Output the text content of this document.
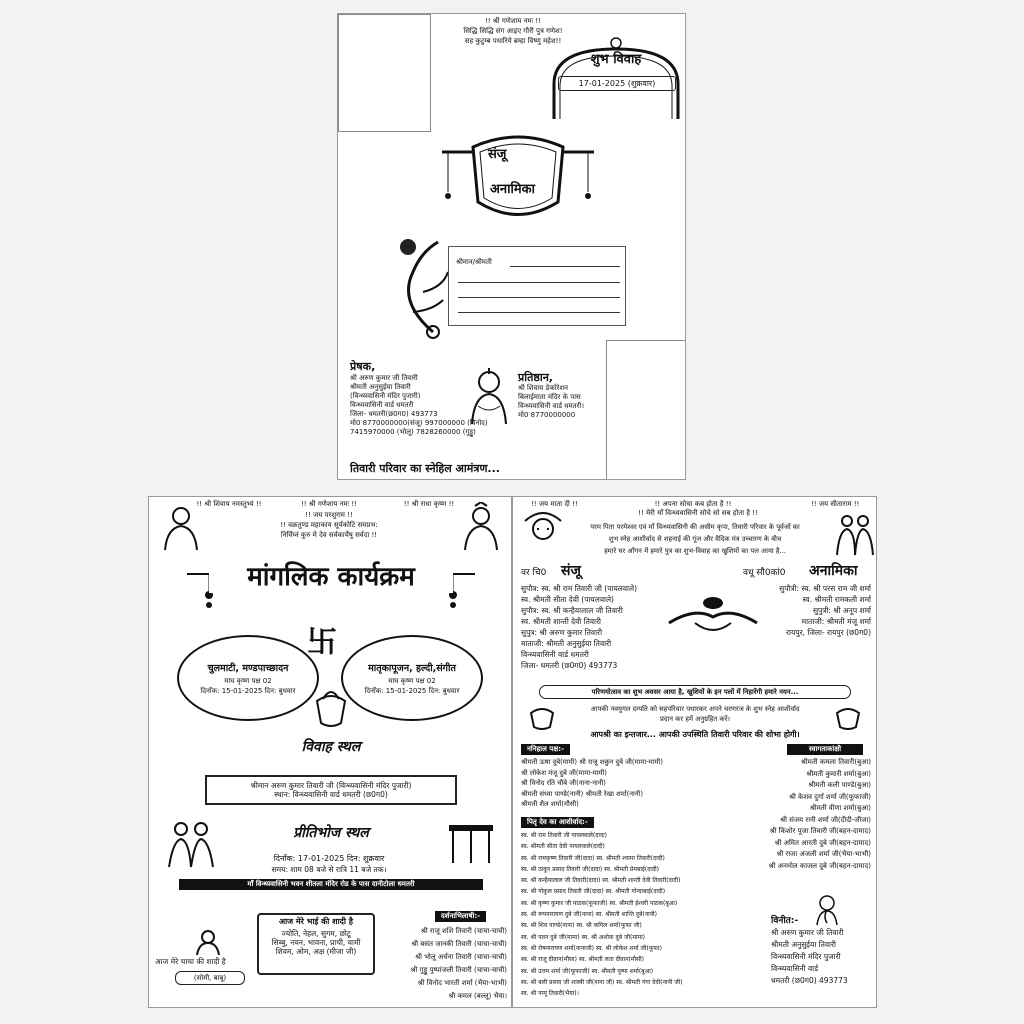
!! श्री गणेशाय नमः !!
सिद्धि सिद्धि संग आइए गौरी पुत्र गणेश!
सह कुटुम्ब पधारिये ब्रम्हा विष्णु महेश!!
शुभ विवाह
17-01-2025 (शुक्रवार)
संजू
अनामिका
श्रीमान/श्रीमती
प्रेषक,
श्री अरुण कुमार जी तिवारी
श्रीमती अनुसुईया तिवारी
(विन्ध्यवासिनी मंदिर पुजारी)
विन्ध्यवासिनी वार्ड धमतरी
जिला- धमतरी(छ0ग0) 493773
मो0 8770000000(संजू) 997000000 (विनोद)
7415970000 (भोलू) 7828260000 (गुड्डू)
प्रतिष्ठान,
श्री शिवाय डेकोरेशन
बिलाईमाता मंदिर के पास
विन्ध्यवासिनी वार्ड धमतरी।
मो0 8770000000
तिवारी परिवार का स्नेहिल आमंत्रण...
!! श्री शिवाय नमस्तुभ्यं !!	!! श्री गणेशाय नमः !!	!! श्री राधा कृष्ण !!
!! जय परशुराम !!
!! वक्रतुण्ड महाकाय सूर्यकोटि समप्रभ:
निर्विघ्नं कुरु मे देव सर्वकार्येषु सर्वदा !!
मांगलिक कार्यक्रम
卐
चुलमाटी, मण्डपाच्छादन
माघ कृष्ण पक्ष 02
दिनाँक: 15-01-2025 दिन: बुधवार
मातृकापूजन, हल्दी,संगीत
माघ कृष्ण पक्ष 02
दिनाँक: 15-01-2025 दिन: बुधवार
विवाह स्थल
श्रीमान अरुण कुमार तिवारी जी (विन्ध्यवासिनी मंदिर पुजारी)
स्थान: विन्ध्यवासिनी वार्ड धमतरी (छ0ग0)
प्रीतिभोज स्थल
दिनाँक: 17-01-2025 दिन: शुक्रवार
समय: शाम 08 बजे से रात्रि 11 बजे तक।
माँ विन्ध्यवासिनी भवन शीतला मंदिर रोड के पास दानीटोला धमतरी
आज मेरे भाई की शादी है
ज्योति, नेहल, सुगम, छोटू
सिब्बु, नयन, भावना, प्राची, यामी
शिवम, ओम, अक्ष (मीजा जी)
आज मेरे चाचा की शादी है
(सोमी, बाबू)
दर्शनाभिलाषी:-
श्री राजू शशि तिवारी (चाचा-चाची)
श्री बसंत जानकी तिवारी (चाचा-चाची)
श्री भोलू अर्चना तिवारी (चाचा-चाची)
श्री गुड्डू पुष्पांजली तिवारी (चाचा-चाची)
श्री विनोद भारती शर्मा (भैया-भाभी)
श्री कमल (बल्लू) भैया।
!! जय माता दी !!	!! अपना सोचा कब होता है !!	!! जय सीताराम !!
!! मेरी माँ विन्ध्यवासिनी सोचे सो सब होता है !!
परम पिता परमेश्वर एवं माँ विन्ध्यवासिनी की असीम कृपा, तिवारी परिवार के पूर्वजों का
शुभ स्नेह आशीर्वाद से शहनाई की गूंज और वैदिक मंत्र उच्चारण के बीच
हमारे घर आँगन में हमारे पुत्र का शुभ-विवाह का खुशियों का पल आया है...
वर चि0 संजू	वधू सौ0कां0 अनामिका
सुपौत्र: स्व. श्री राम तिवारी जी (पायलवाले)
स्व. श्रीमती सीता देवी (पायलवाले)
सुपौत्र: स्व. श्री कन्हैयालाल जी तिवारी
स्व. श्रीमती शान्ती देवी तिवारी
सुपुत्र: श्री अरुण कुमार तिवारी
माताजी: श्रीमती अनुसुईया तिवारी
विन्ध्यवासिनी वार्ड धमतरी
जिला- धमतरी (छ0ग0) 493773
सुपौत्री: स्व. श्री परस राम जी शर्मा
स्व. श्रीमती रामकली शर्मा
सुपुत्री: श्री अनूप शर्मा
माताजी: श्रीमती मंजू शर्मा
रायपुर, जिला- रायपुर (छ0ग0)
परिणयोत्सव का शुभ अवसर आया है, खुशियों के इन पलों में निहारेंगी हमारे नयन...
आपकी नवयुगल दम्पति को सहपरिवार पधारकर अपने चरणरज के शुभ स्नेह आशीर्वाद
प्रदान कर हमें अनुग्रहित करें।
आपश्री का इन्तजार... आपकी उपस्थिति तिवारी परिवार की शोभा होगी।
ननिहाल पक्ष:-
श्रीमती ऊषा दुबे(मामी) श्री राजू शकुन दुबे जी(मामा-मामी)
श्री लोकेश मंजू दुबे जी(मामा-मामी)
श्री विनोद रति चौबे जी(नाना-नानी)
श्रीमती संध्या पाण्डे(नानी) श्रीमती रेखा शर्मा(नानी)
श्रीमती शैल शर्मा(मौसी)
स्वागताकांक्षी
श्रीमती कमला तिवारी(बुआ)
श्रीमती कुमारी शर्मा(बुआ)
श्रीमती कली पाण्डे(बुआ)
श्री केशव दुर्गा शर्मा जी(फूफाजी)
श्रीमती वीणा शर्मा(बुआ)
श्री संजय रानी शर्मा जी(दीदी-जीजा)
श्री किशोर पूजा तिवारी जी(बहन-दामाद)
श्री अमित आरती दुबे जी(बहन-दामाद)
श्री राजा अंजली शर्मा जी(भैया-भाभी)
श्री अनमोल काजल दुबे जी(बहन-दामाद)
पितृ देव का आशीर्वाद:-
स्व. श्री राम तिवारी जी पायलवाले(दादा)
स्व. श्रीमती सीता देवी पायलवाले(दादी)
स्व. श्री रामकृष्ण तिवारी जी(दादा) स्व. श्रीमती श्यामा तिवारी(दादी)
स्व. श्री ठाकुर प्रसाद तिवारी जी(दादा) स्व. श्रीमती प्रेमबाई(दादी)
स्व. श्री कन्हैयालाल जी तिवारी(दादा) स्व. श्रीमती शान्ती देवी तिवारी(दादी)
स्व. श्री गोकुल प्रसाद तिवारी जी(दादा) स्व. श्रीमती गोन्दाबाई(दादी)
स्व. श्री कृष्ण कुमार जी पाठक(फूफाजी) स्व. श्रीमती ईश्वरी पाठक(बुआ)
स्व. श्री रूपनारायण दुबे जी(नाना) स्व. श्रीमती शान्ति दुबे(नानी)
स्व. श्री शिव पाण्डे(नाना) स्व. श्री कपिल शर्मा(फूफा जी)
स्व. श्री पवन दुबे जी(मामा) स्व. श्री अशोक दुबे जी(मामा)
स्व. श्री रोषनारायण शर्मा(नानाजी) स्व. श्री लोकेश शर्मा जी(फूफा)
स्व. श्री राजू दीवान(मौसा) स्व. श्रीमती लता दीवान(मौसी)
स्व. श्री उत्तम शर्मा जी(फूफाजी) स्व. श्रीमती पुष्पा शर्मा(बुआ)
स्व. श्री बली प्रसाद जी शास्त्री जी(नाना जी) स्व. श्रीमती गंगा देवी(नानी जी)
स्व. श्री पप्पू तिवारी(भैया)।
विनीत:-
श्री अरुण कुमार जी तिवारी
श्रीमती अनुसुईया तिवारी
विन्ध्यवासिनी मंदिर पुजारी
विन्ध्यवासिनी वार्ड
धमतरी (छ0ग0) 493773
